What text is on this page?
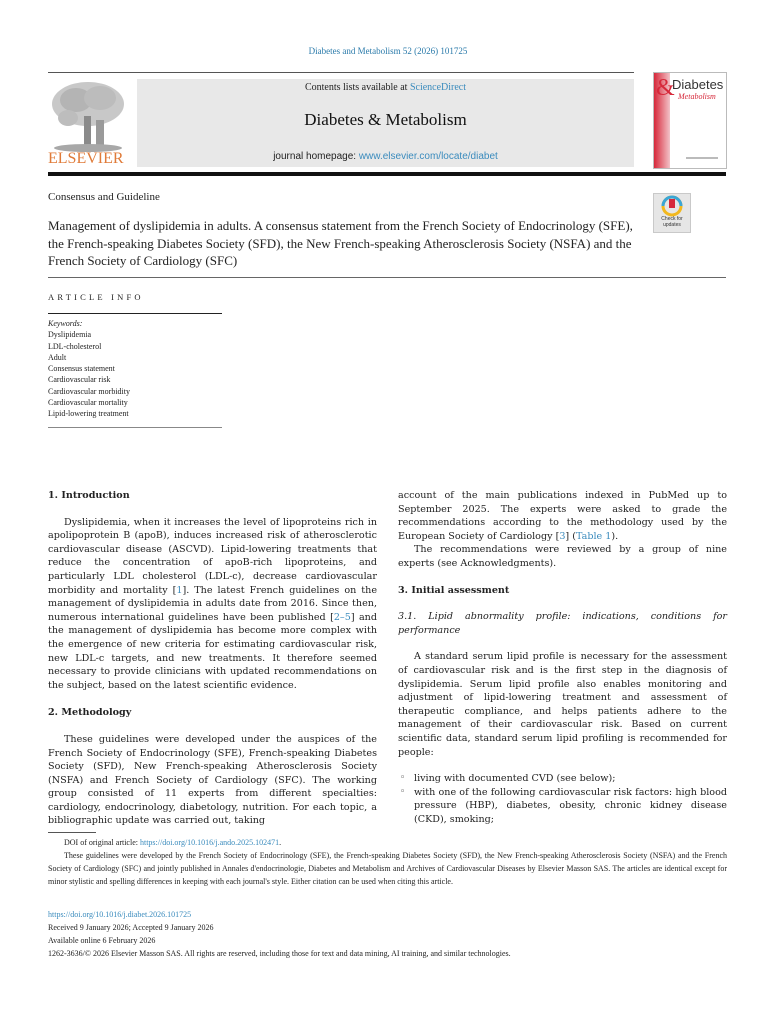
Diabetes and Metabolism 52 (2026) 101725
ELSEVIER
Contents lists available at ScienceDirect
Diabetes & Metabolism
journal homepage: www.elsevier.com/locate/diabet
&
Diabetes
Metabolism
Consensus and Guideline
Management of dyslipidemia in adults. A consensus statement from the French Society of Endocrinology (SFE), the French-speaking Diabetes Society (SFD), the New French-speaking Atherosclerosis Society (NSFA) and the French Society of Cardiology (SFC)
Check for
updates
ARTICLE INFO
Keywords:
Dyslipidemia
LDL-cholesterol
Adult
Consensus statement
Cardiovascular risk
Cardiovascular morbidity
Cardiovascular mortality
Lipid-lowering treatment
1. Introduction

Dyslipidemia, when it increases the level of lipoproteins rich in apolipoprotein B (apoB), induces increased risk of atherosclerotic cardiovascular disease (ASCVD). Lipid-lowering treatments that reduce the concentration of apoB-rich lipoproteins, and particularly LDL cholesterol (LDL-c), decrease cardiovascular morbidity and mortality [1]. The latest French guidelines on the management of dyslipidemia in adults date from 2016. Since then, numerous international guidelines have been published [2–5] and the management of dyslipidemia has become more complex with the emergence of new criteria for estimating cardiovascular risk, new LDL-c targets, and new treatments. It therefore seemed necessary to provide clinicians with updated recommendations on the subject, based on the latest scientific evidence.

2. Methodology

These guidelines were developed under the auspices of the French Society of Endocrinology (SFE), French-speaking Diabetes Society (SFD), New French-speaking Atherosclerosis Society (NSFA) and French Society of Cardiology (SFC). The working group consisted of 11 experts from different specialties: cardiology, endocrinology, diabetology, nutrition. For each topic, a bibliographic update was carried out, taking

account of the main publications indexed in PubMed up to September 2025. The experts were asked to grade the recommendations according to the methodology used by the European Society of Cardiology [3] (Table 1).

The recommendations were reviewed by a group of nine experts (see Acknowledgments).

3. Initial assessment
3.1. Lipid abnormality profile: indications, conditions for performance

A standard serum lipid profile is necessary for the assessment of cardiovascular risk and is the first step in the diagnosis of dyslipidemia. Serum lipid profile also enables monitoring and adjustment of lipid-lowering treatment and assessment of therapeutic compliance, and helps patients adhere to the management of their cardiovascular risk. Based on current scientific data, standard serum lipid profiling is recommended for people:

◦ living with documented CVD (see below);
◦ with one of the following cardiovascular risk factors: high blood pressure (HBP), diabetes, obesity, chronic kidney disease (CKD), smoking;

DOI of original article: https://doi.org/10.1016/j.ando.2025.102471.

These guidelines were developed by the French Society of Endocrinology (SFE), the French-speaking Diabetes Society (SFD), the New French-speaking Atherosclerosis Society (NSFA) and the French Society of Cardiology (SFC) and jointly published in Annales d'endocrinologie, Diabetes and Metabolism and Archives of Cardiovascular Diseases by Elsevier Masson SAS. The articles are identical except for minor stylistic and spelling differences in keeping with each journal's style. Either citation can be used when citing this article.

https://doi.org/10.1016/j.diabet.2026.101725
Received 9 January 2026; Accepted 9 January 2026
Available online 6 February 2026
1262-3636/© 2026 Elsevier Masson SAS. All rights are reserved, including those for text and data mining, AI training, and similar technologies.
